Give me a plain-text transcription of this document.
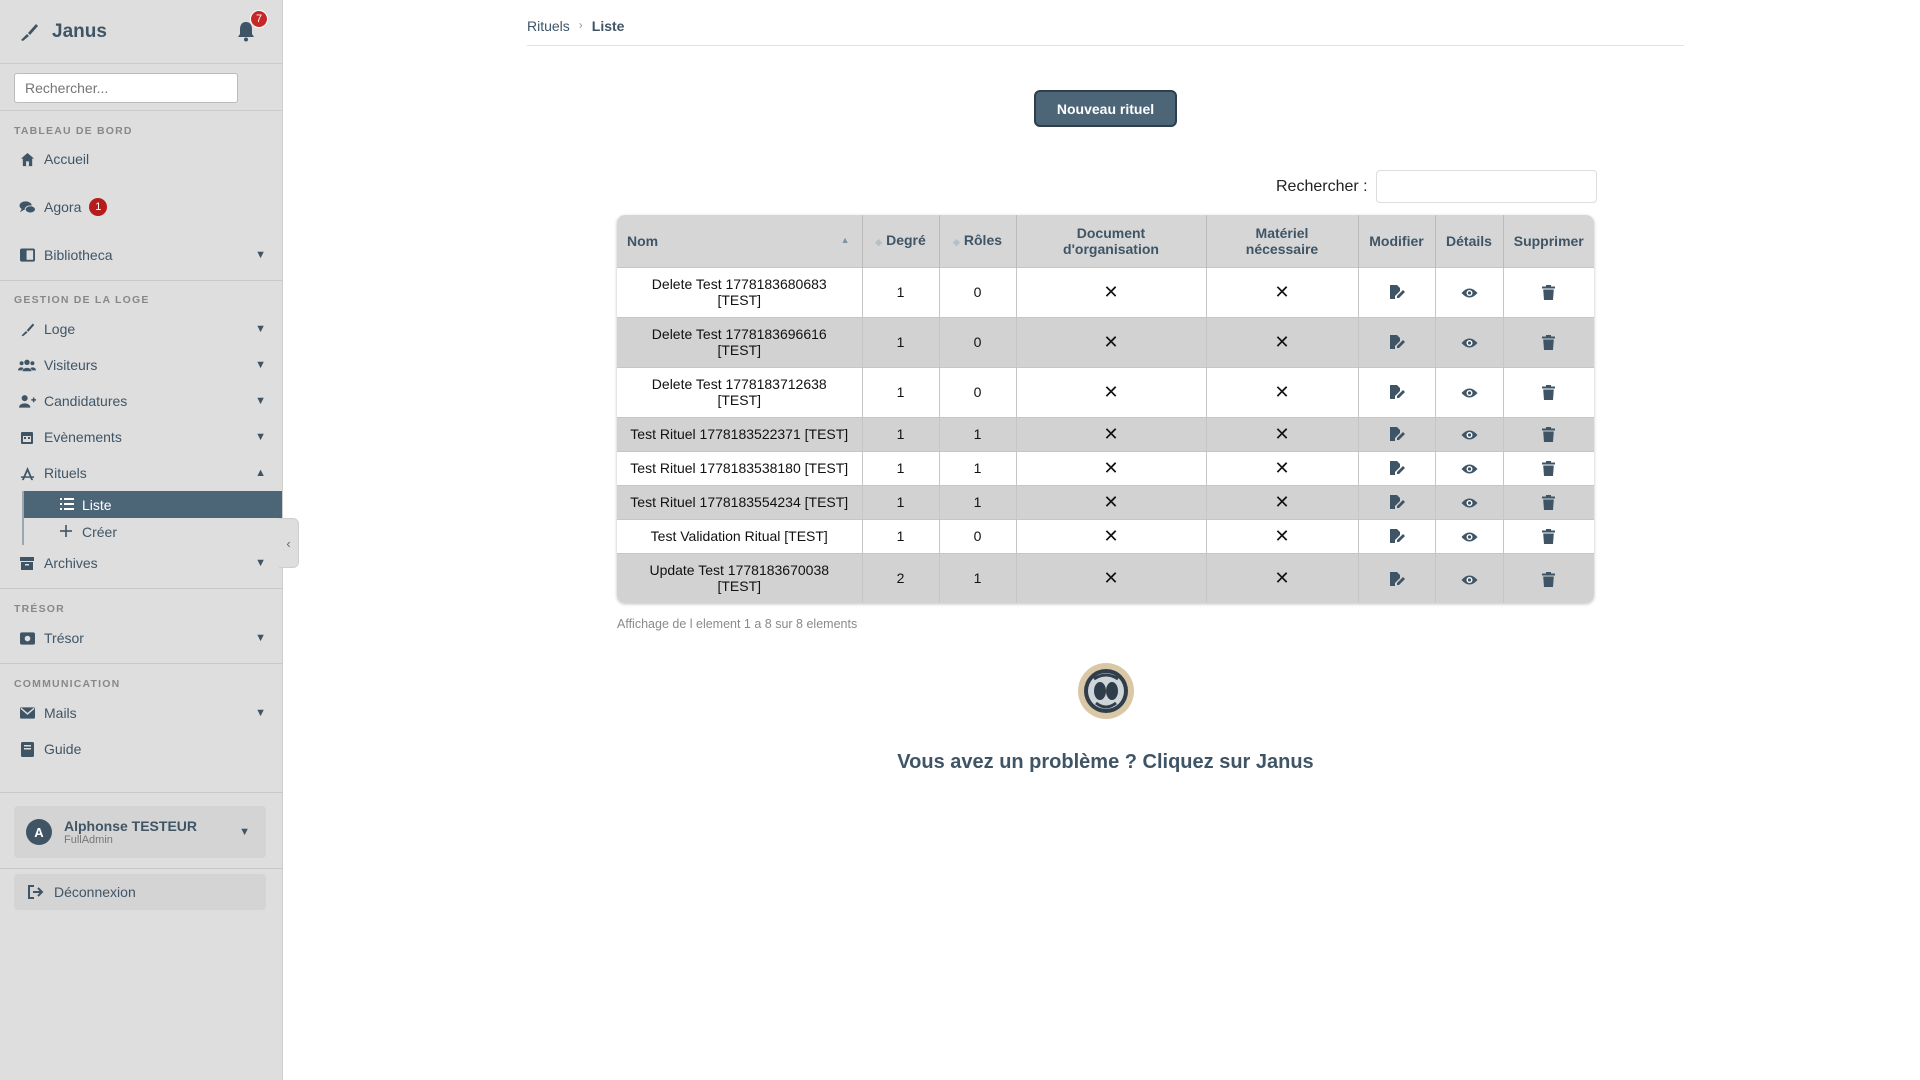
Janus
7
Rechercher...
TABLEAU DE BORD
Accueil
Agora	1
Bibliotheca	▼
GESTION DE LA LOGE
Loge	▼
Visiteurs	▼
Candidatures	▼
Evènements	▼
Rituels	▲
Liste
Créer
Archives	▼
TRÉSOR
Trésor	▼
COMMUNICATION
Mails	▼
Guide
A	Alphonse TESTEUR
FullAdmin
▼
Déconnexion
‹
Rituels › Liste
Nouveau rituel
Rechercher :
Nom ▲	◆ Degré	◆ Rôles	Document
d'organisation	Matériel
nécessaire	Modifier	Détails	Supprimer
Delete Test 1778183680683
[TEST]	1	0	✕	✕			
Delete Test 1778183696616
[TEST]	1	0	✕	✕			
Delete Test 1778183712638
[TEST]	1	0	✕	✕			
Test Rituel 1778183522371 [TEST]	1	1	✕	✕			
Test Rituel 1778183538180 [TEST]	1	1	✕	✕			
Test Rituel 1778183554234 [TEST]	1	1	✕	✕			
Test Validation Ritual [TEST]	1	0	✕	✕			
Update Test 1778183670038
[TEST]	2	1	✕	✕			
Affichage de l element 1 a 8 sur 8 elements
Vous avez un problème ? Cliquez sur Janus
